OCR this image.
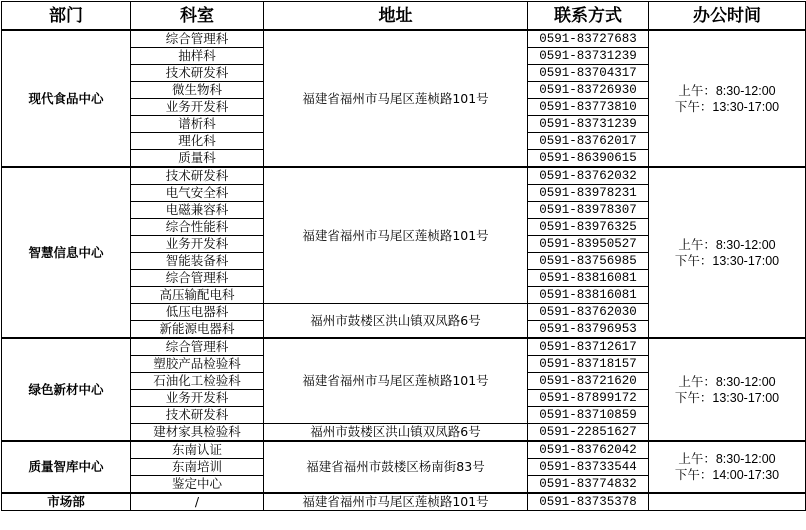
部门	科室	地址	联系方式	办公时间
现代食品中心	综合管理科	福建省福州市马尾区莲桢路101号	0591-83727683	上午：8:30-12:00
下午：13:30-17:00

	抽样科		0591-83731239	
	技术研发科		0591-83704317	
	微生物科		0591-83726930	
	业务开发科		0591-83773810	
	谱析科		0591-83731239	
	理化科		0591-83762017	
	质量科		0591-86390615	
智慧信息中心	技术研发科	福建省福州市马尾区莲桢路101号	0591-83762032	上午：8:30-12:00
下午：13:30-17:00

	电气安全科		0591-83978231	
	电磁兼容科		0591-83978307	
	综合性能科		0591-83976325	
	业务开发科		0591-83950527	
	智能装备科		0591-83756985	
	综合管理科		0591-83816081	
	高压输配电科		0591-83816081	
	低压电器科	福州市鼓楼区洪山镇双凤路6号	0591-83762030	
	新能源电器科		0591-83796953	
绿色新材中心	综合管理科	福建省福州市马尾区莲桢路101号	0591-83712617	上午：8:30-12:00
下午：13:30-17:00

	塑胶产品检验科		0591-83718157	
	石油化工检验科		0591-83721620	
	业务开发科		0591-87899172	
	技术研发科		0591-83710859	
	建材家具检验科	福州市鼓楼区洪山镇双凤路6号	0591-22851627	
质量智库中心	东南认证	福建省福州市鼓楼区杨南街83号	0591-83762042	上午：8:30-12:00
下午：14:00-17:30

	东南培训		0591-83733544	
	鉴定中心		0591-83774832	
市场部	/	福建省福州市马尾区莲桢路101号	0591-83735378	
